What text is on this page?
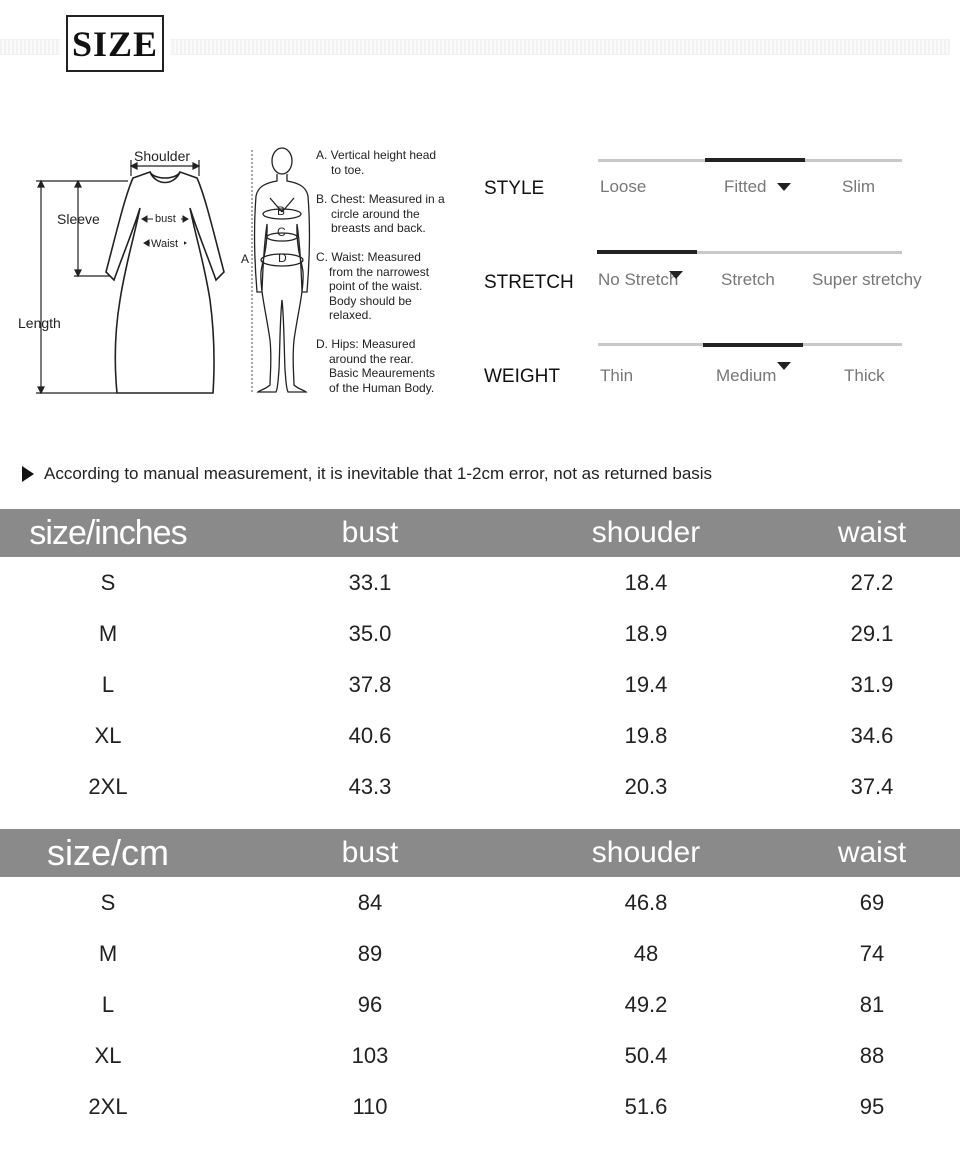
SIZE
Shoulder
Sleeve
Length
bust
Waist
A
B
C
D
A. Vertical height head
to toe.
B. Chest: Measured in a
circle around the
breasts and back.
C. Waist: Measured
from the narrowest
point of the waist.
Body should be
relaxed.
D. Hips: Measured
around the rear.
Basic Meaurements
of the Human Body.
STYLE	Loose	Fitted	Slim
STRETCH No Stretch	Stretch Super stretchy
WEIGHT Thin	Medium	Thick
According to manual measurement, it is inevitable that 1-2cm error, not as returned basis
size/inches	bust	shouder	waist
S	33.1	18.4	27.2
M	35.0	18.9	29.1
L	37.8	19.4	31.9
XL	40.6	19.8	34.6
2XL	43.3	20.3	37.4
size/cm	bust	shouder	waist
S	84	46.8	69
M	89	48	74
L	96	49.2	81
XL	103	50.4	88
2XL	110	51.6	95
